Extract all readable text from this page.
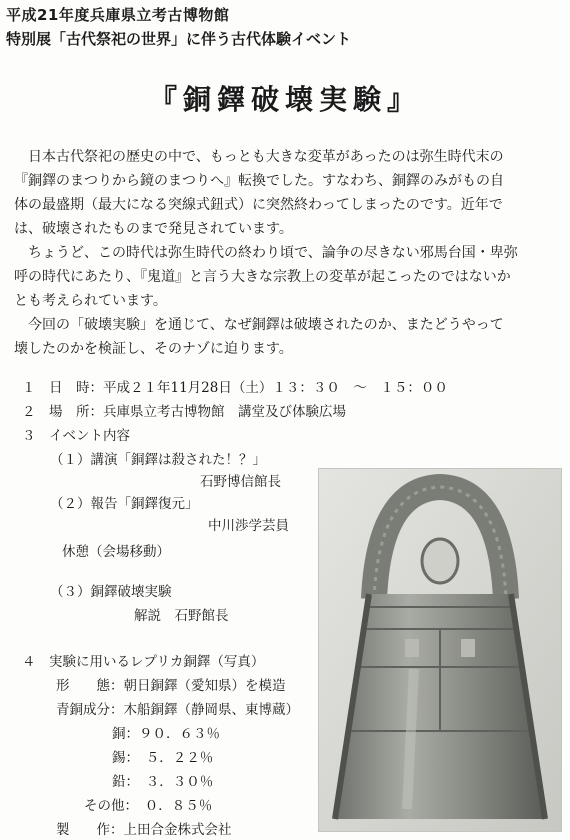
平成21年度兵庫県立考古博物館
特別展「古代祭祀の世界」に伴う古代体験イベント
『銅鐸破壊実験』
日本古代祭祀の歴史の中で、もっとも大きな変革があったのは弥生時代末の
『銅鐸のまつりから鏡のまつりへ』転換でした。すなわち、銅鐸のみがもの自
体の最盛期（最大になる突線式鈕式）に突然終わってしまったのです。近年で
は、破壊されたものまで発見されています。
　ちょうど、この時代は弥生時代の終わり頃で、論争の尽きない邪馬台国・卑弥
呼の時代にあたり、『鬼道』と言う大きな宗教上の変革が起こったのではないか
とも考えられています。
　今回の「破壊実験」を通じて、なぜ銅鐸は破壊されたのか、またどうやって
壊したのかを検証し、そのナゾに迫ります。
１　日　時：平成２１年11月28日（土）１３：３０　～　１５：００
２　場　所：兵庫県立考古博物館　講堂及び体験広場
３　イベント内容
（１）講演「銅鐸は殺された！？」
石野博信館長
（２）報告「銅鐸復元」
中川渉学芸員
休憩（会場移動）
（３）銅鐸破壊実験
解説　石野館長
４　実験に用いるレプリカ銅鐸（写真）
形　　態：朝日銅鐸（愛知県）を模造
青銅成分：木船銅鐸（静岡県、東博蔵）
銅：９０．６３％
錫：　５．２２％
鉛：　３．３０％
その他：　０．８５％
製　　作：上田合金株式会社
